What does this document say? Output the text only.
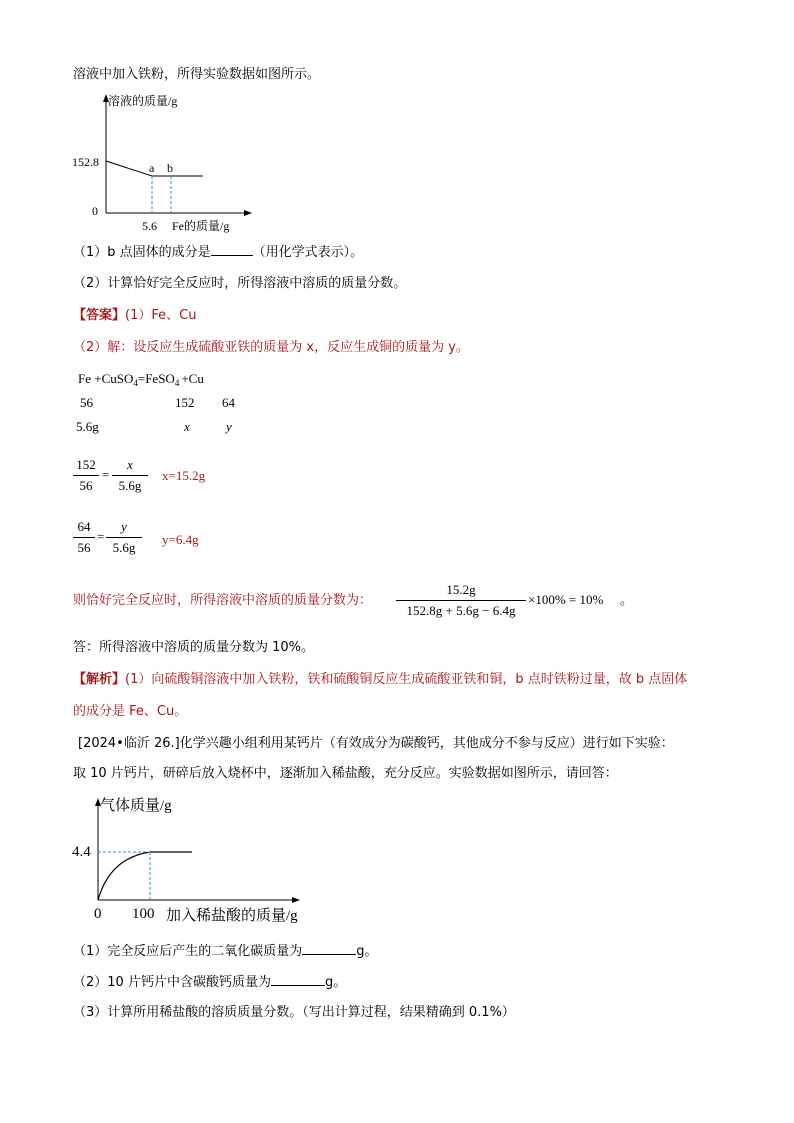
溶液中加入铁粉，所得实验数据如图所示。
溶液的质量/g
152.8
0
5.6 Fe的质量/g
a b
（1）b 点固体的成分是	（用化学式表示）。
（2）计算恰好完全反应时，所得溶液中溶质的质量分数。
【答案】(1）Fe、Cu
（2）解：设反应生成硫酸亚铁的质量为 x，反应生成铜的质量为 y。
Fe +CuSO$_4$=FeSO$_4$ +Cu
56	152 64
5.6g	x	y
152
56
=
x
5.6g
x=15.2g
64
56
=
y
5.6g
y=6.4g
则恰好完全反应时，所得溶液中溶质的质量分数为：
15.2g
152.8g + 5.6g − 6.4g
×100% = 10% 。
答：所得溶液中溶质的质量分数为 10%。
【解析】(1）向硫酸铜溶液中加入铁粉，铁和硫酸铜反应生成硫酸亚铁和铜，b 点时铁粉过量，故 b 点固体
的成分是 Fe、Cu。
[2024•临沂 26.]化学兴趣小组利用某钙片（有效成分为碳酸钙，其他成分不参与反应）进行如下实验：
取 10 片钙片，研碎后放入烧杯中，逐渐加入稀盐酸，充分反应。实验数据如图所示，请回答：
气体质量/g
4.4
0 100 加入稀盐酸的质量/g
（1）完全反应后产生的二氧化碳质量为	g。
（2）10 片钙片中含碳酸钙质量为	g。
（3）计算所用稀盐酸的溶质质量分数。（写出计算过程，结果精确到 0.1%）
